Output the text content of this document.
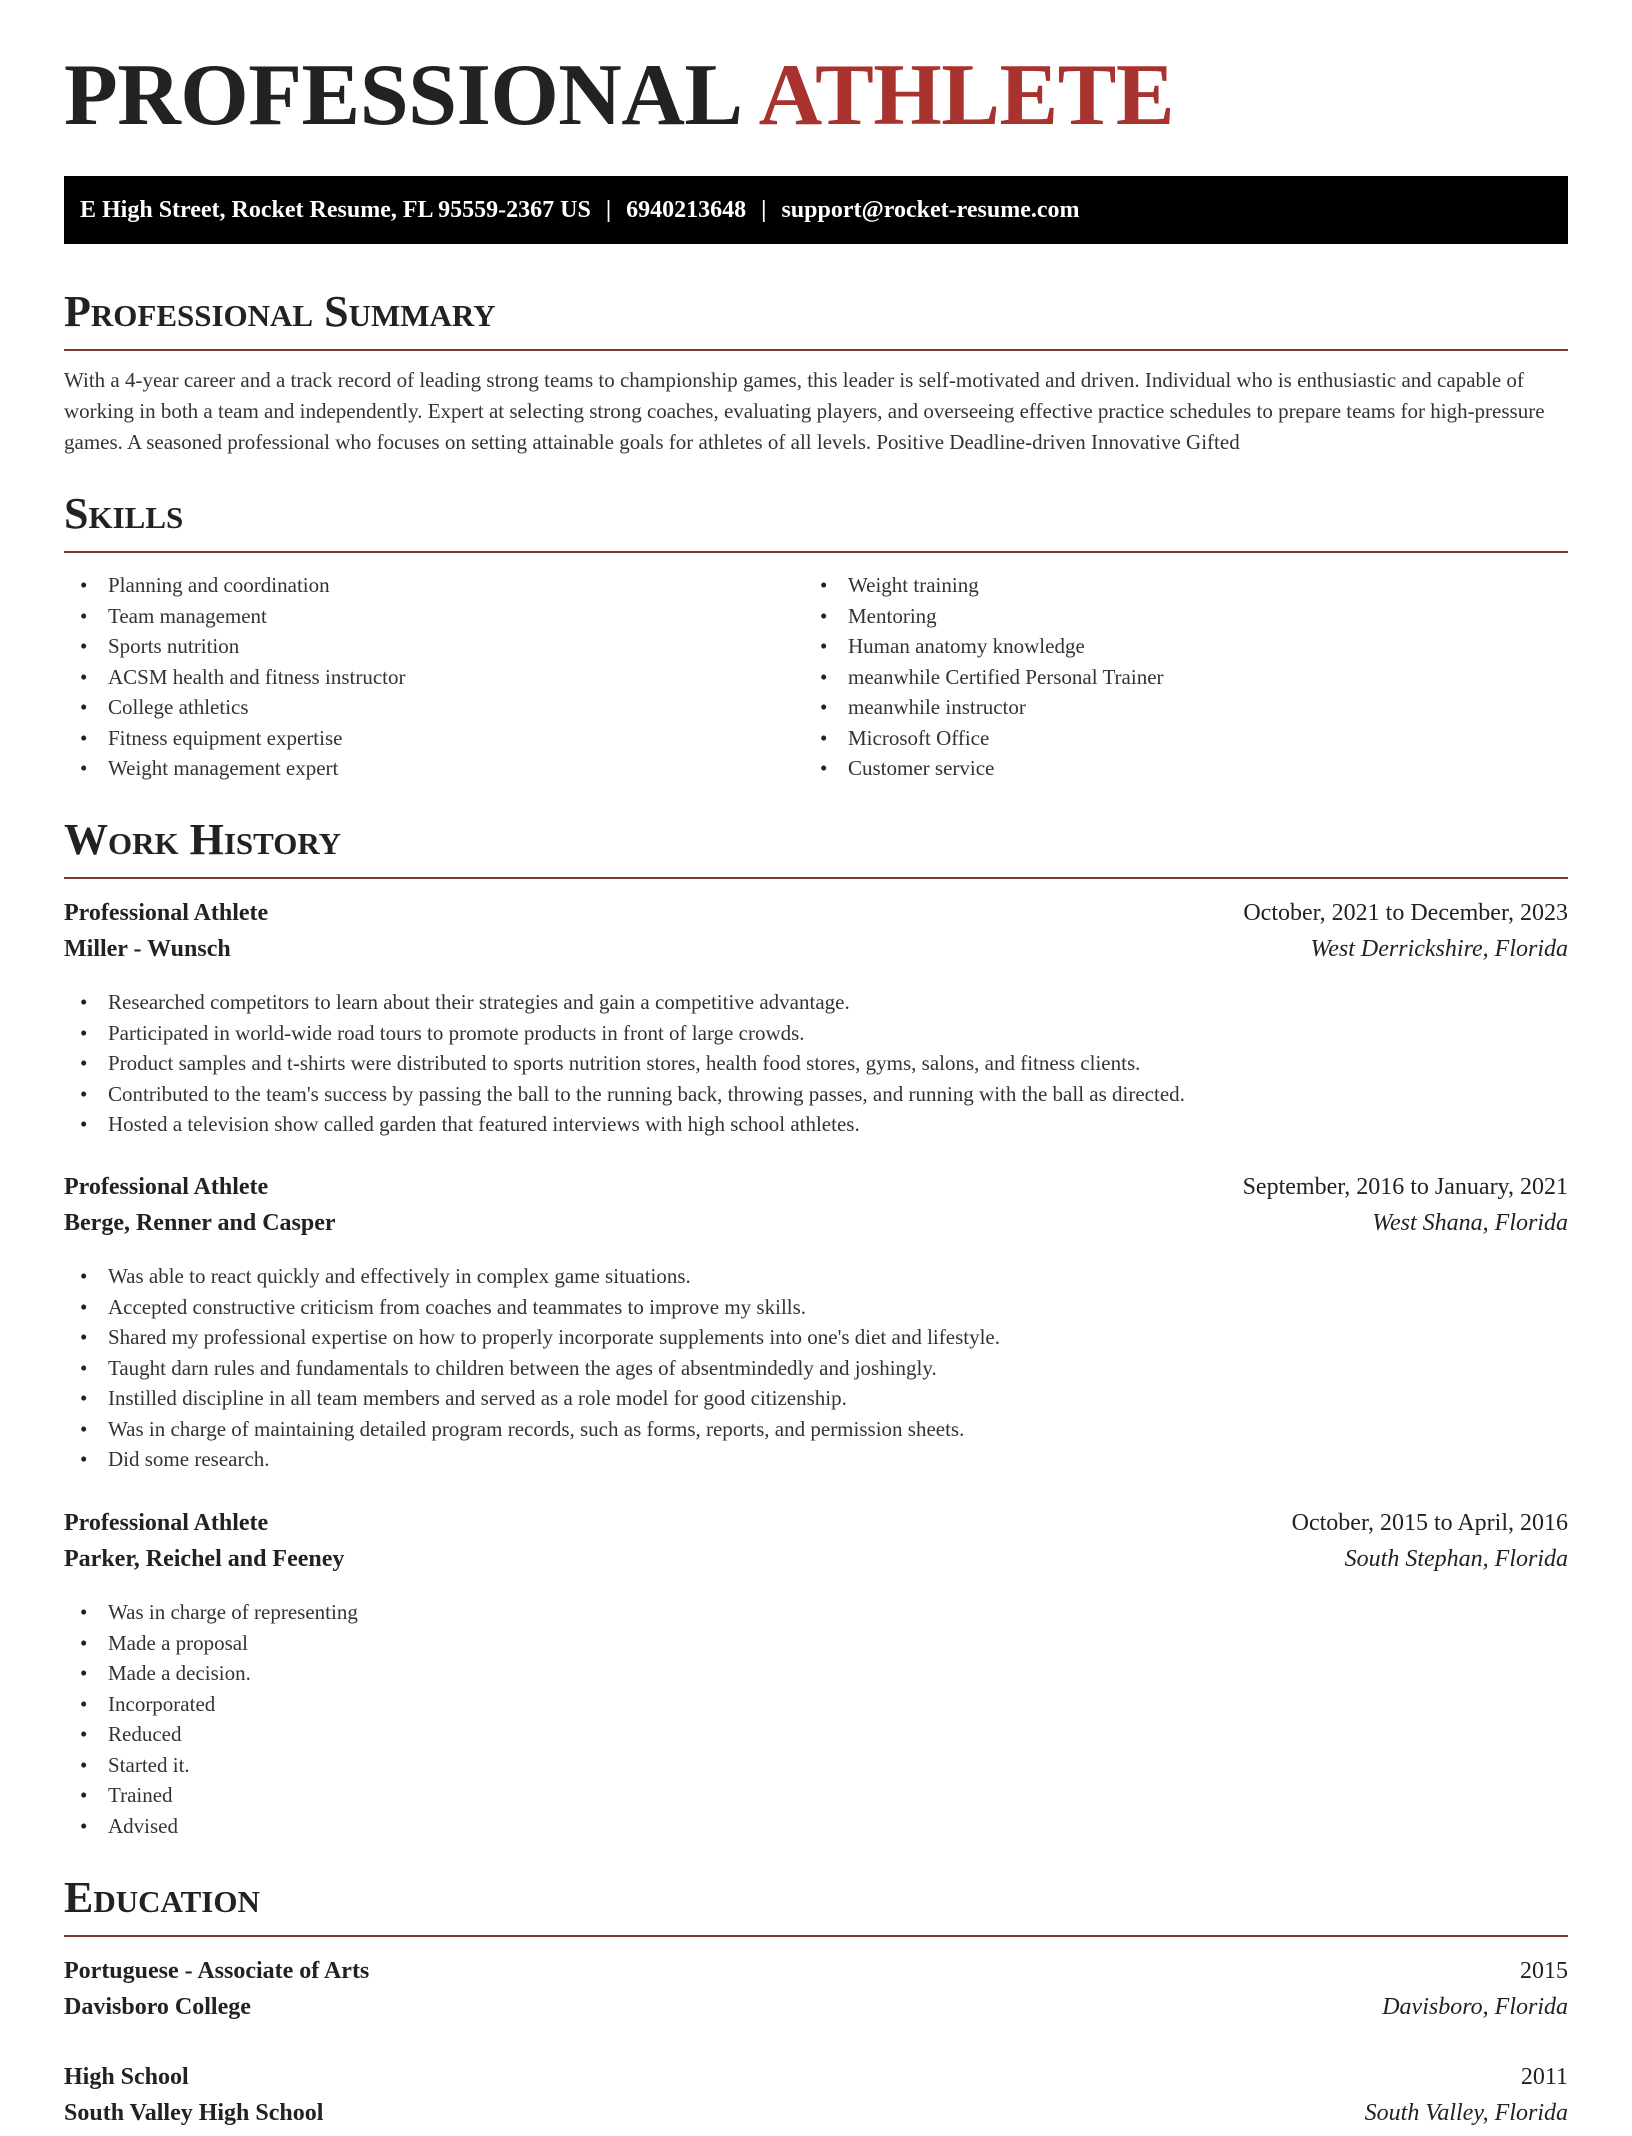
PROFESSIONAL ATHLETE
E High Street, Rocket Resume, FL 95559-2367 US | 6940213648 | support@rocket-resume.com
Professional Summary

With a 4-year career and a track record of leading strong teams to championship games, this leader is self-motivated and driven. Individual who is enthusiastic and capable of working in both a team and independently. Expert at selecting strong coaches, evaluating players, and overseeing effective practice schedules to prepare teams for high-pressure games. A seasoned professional who focuses on setting attainable goals for athletes of all levels. Positive Deadline-driven Innovative Gifted

Skills
• Planning and coordination
• Team management
• Sports nutrition
• ACSM health and fitness instructor
• College athletics
• Fitness equipment expertise
• Weight management expert
• Weight training
• Mentoring
• Human anatomy knowledge
• meanwhile Certified Personal Trainer
• meanwhile instructor
• Microsoft Office
• Customer service
Work History
Professional Athlete	October, 2021 to December, 2023
Miller - Wunsch	West Derrickshire, Florida
• Researched competitors to learn about their strategies and gain a competitive advantage.
• Participated in world-wide road tours to promote products in front of large crowds.
• Product samples and t-shirts were distributed to sports nutrition stores, health food stores, gyms, salons, and fitness clients.
• Contributed to the team's success by passing the ball to the running back, throwing passes, and running with the ball as directed.
• Hosted a television show called garden that featured interviews with high school athletes.
Professional Athlete	September, 2016 to January, 2021
Berge, Renner and Casper	West Shana, Florida
• Was able to react quickly and effectively in complex game situations.
• Accepted constructive criticism from coaches and teammates to improve my skills.
• Shared my professional expertise on how to properly incorporate supplements into one's diet and lifestyle.
• Taught darn rules and fundamentals to children between the ages of absentmindedly and joshingly.
• Instilled discipline in all team members and served as a role model for good citizenship.
• Was in charge of maintaining detailed program records, such as forms, reports, and permission sheets.
• Did some research.
Professional Athlete	October, 2015 to April, 2016
Parker, Reichel and Feeney	South Stephan, Florida
• Was in charge of representing
• Made a proposal
• Made a decision.
• Incorporated
• Reduced
• Started it.
• Trained
• Advised
Education
Portuguese - Associate of Arts	2015
Davisboro College	Davisboro, Florida
High School	2011
South Valley High School	South Valley, Florida
